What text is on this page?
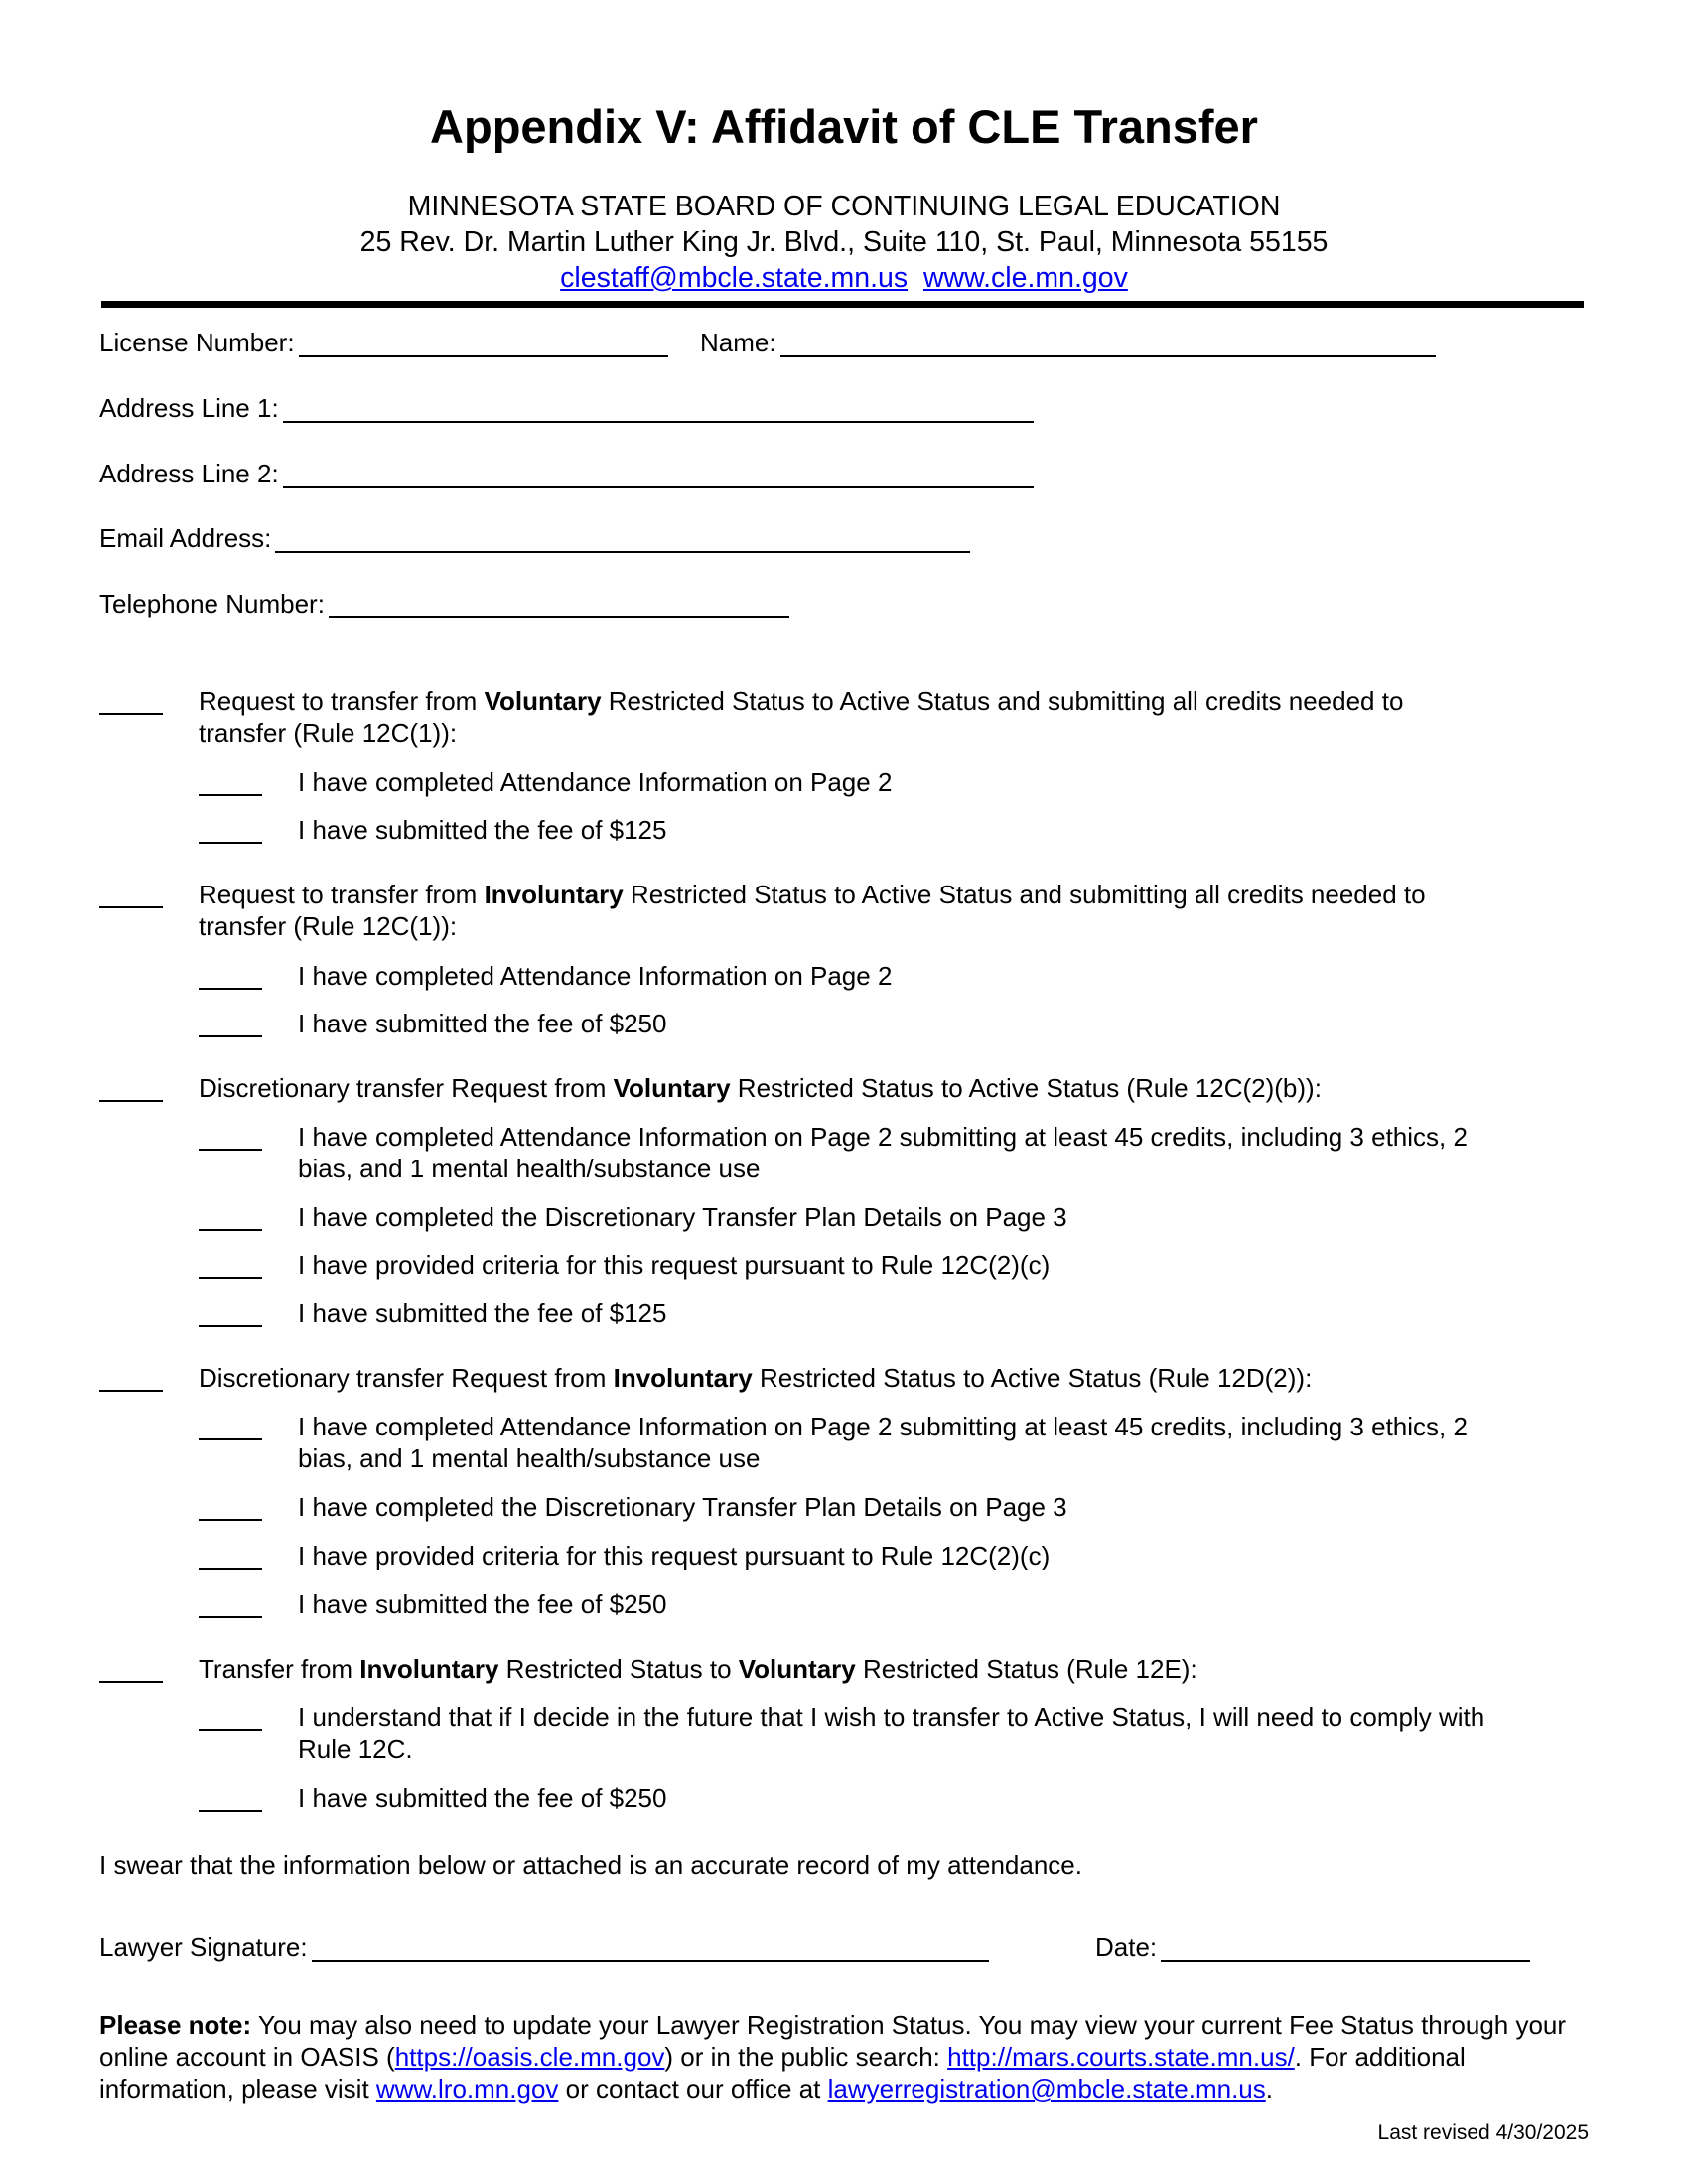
Appendix V: Affidavit of CLE Transfer
MINNESOTA STATE BOARD OF CONTINUING LEGAL EDUCATION
25 Rev. Dr. Martin Luther King Jr. Blvd., Suite 110, St. Paul, Minnesota 55155
clestaff@mbcle.state.mn.us www.cle.mn.gov
License Number:	Name:
Address Line 1:
Address Line 2:
Email Address:
Telephone Number:
Request to transfer from Voluntary Restricted Status to Active Status and submitting all credits needed to
transfer (Rule 12C(1)):
I have completed Attendance Information on Page 2
I have submitted the fee of $125
Request to transfer from Involuntary Restricted Status to Active Status and submitting all credits needed to
transfer (Rule 12C(1)):
I have completed Attendance Information on Page 2
I have submitted the fee of $250
Discretionary transfer Request from Voluntary Restricted Status to Active Status (Rule 12C(2)(b)):
I have completed Attendance Information on Page 2 submitting at least 45 credits, including 3 ethics, 2
bias, and 1 mental health/substance use
I have completed the Discretionary Transfer Plan Details on Page 3
I have provided criteria for this request pursuant to Rule 12C(2)(c)
I have submitted the fee of $125
Discretionary transfer Request from Involuntary Restricted Status to Active Status (Rule 12D(2)):
I have completed Attendance Information on Page 2 submitting at least 45 credits, including 3 ethics, 2
bias, and 1 mental health/substance use
I have completed the Discretionary Transfer Plan Details on Page 3
I have provided criteria for this request pursuant to Rule 12C(2)(c)
I have submitted the fee of $250
Transfer from Involuntary Restricted Status to Voluntary Restricted Status (Rule 12E):
I understand that if I decide in the future that I wish to transfer to Active Status, I will need to comply with
Rule 12C.
I have submitted the fee of $250
I swear that the information below or attached is an accurate record of my attendance.
Lawyer Signature:	Date:
Please note: You may also need to update your Lawyer Registration Status. You may view your current Fee Status through your online account in OASIS (https://oasis.cle.mn.gov) or in the public search: http://mars.courts.state.mn.us/. For additional information, please visit www.lro.mn.gov or contact our office at lawyerregistration@mbcle.state.mn.us.
Last revised 4/30/2025
